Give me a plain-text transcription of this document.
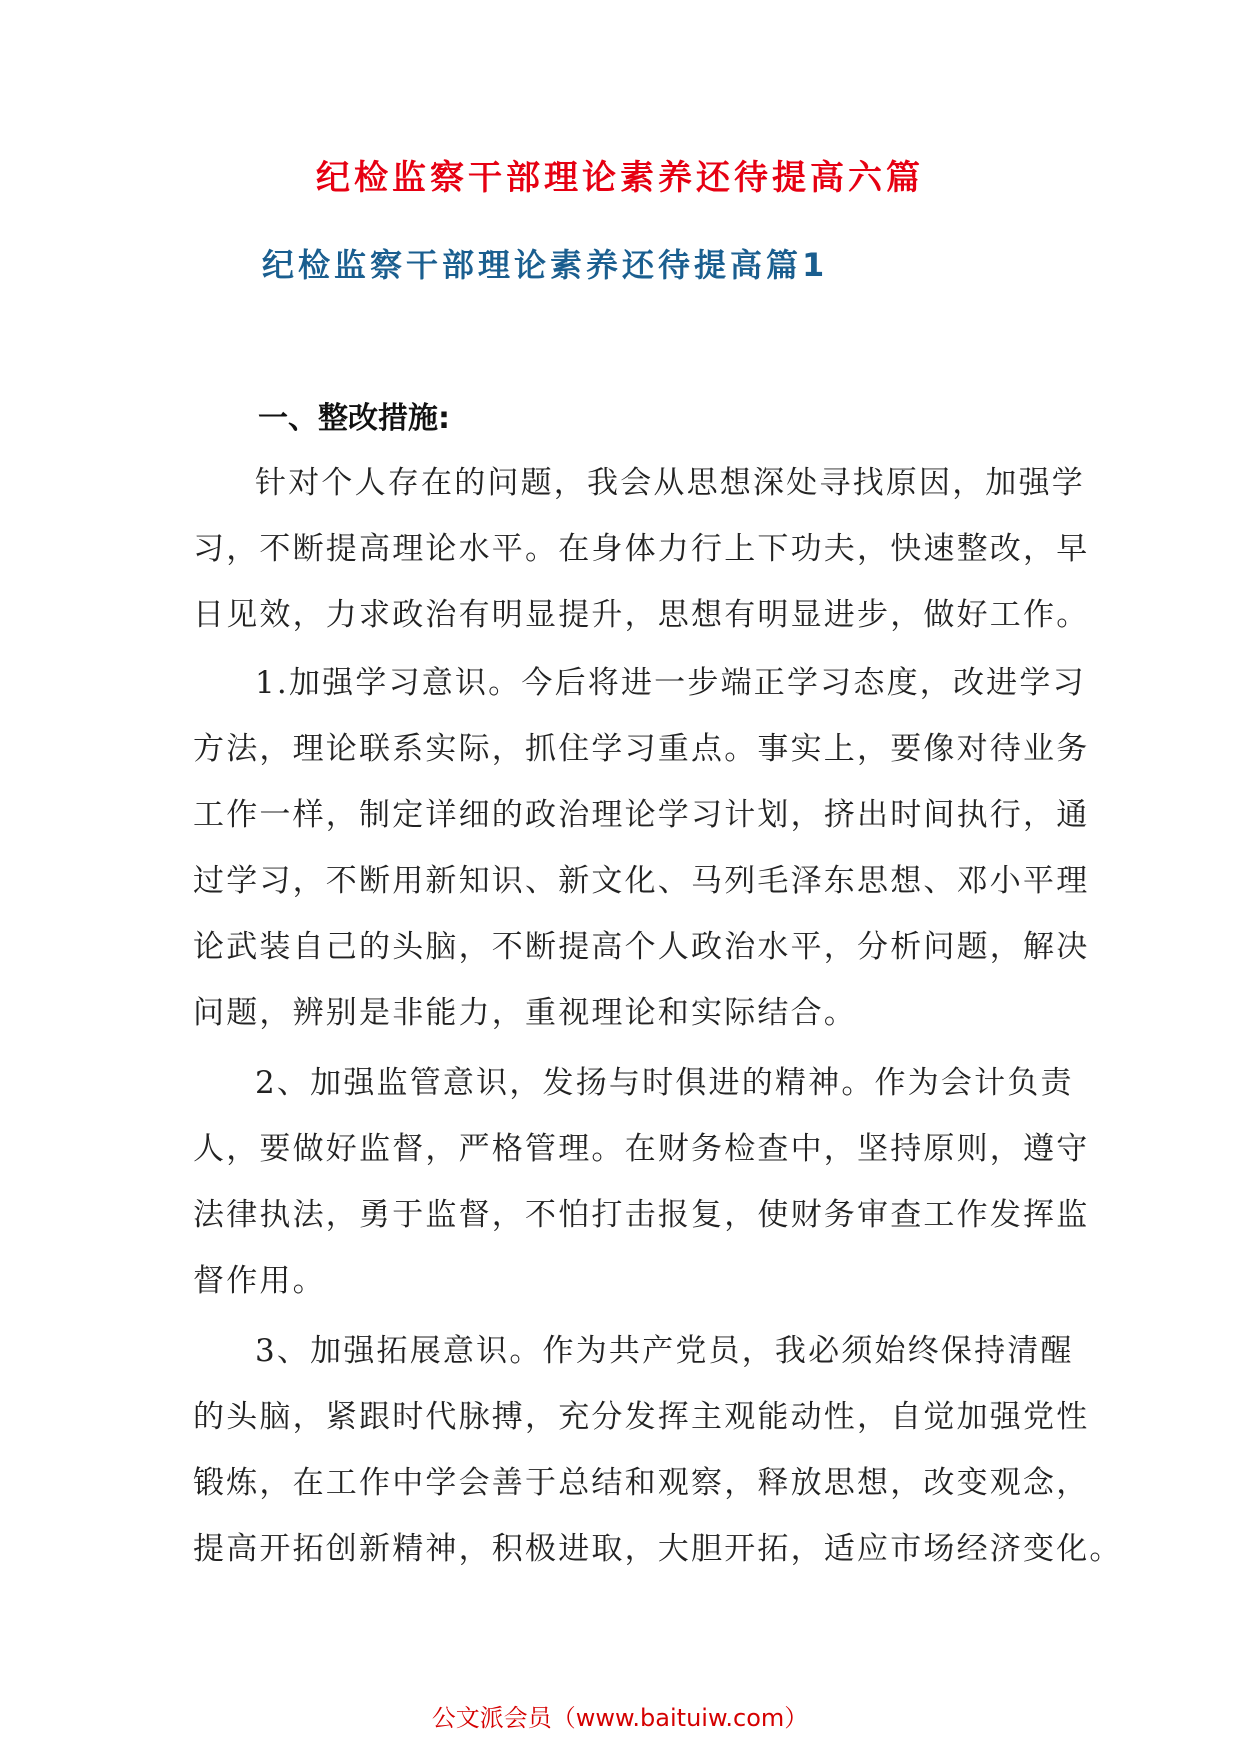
纪检监察干部理论素养还待提高六篇
纪检监察干部理论素养还待提高篇1
一、整改措施:
针对个人存在的问题，我会从思想深处寻找原因，加强学
习，不断提高理论水平。在身体力行上下功夫，快速整改，早
日见效，力求政治有明显提升，思想有明显进步，做好工作。
1.加强学习意识。今后将进一步端正学习态度，改进学习
方法，理论联系实际，抓住学习重点。事实上，要像对待业务
工作一样，制定详细的政治理论学习计划，挤出时间执行，通
过学习，不断用新知识、新文化、马列毛泽东思想、邓小平理
论武装自己的头脑，不断提高个人政治水平，分析问题，解决
问题，辨别是非能力，重视理论和实际结合。
2、加强监管意识，发扬与时俱进的精神。作为会计负责
人，要做好监督，严格管理。在财务检查中，坚持原则，遵守
法律执法，勇于监督，不怕打击报复，使财务审查工作发挥监
督作用。
3、加强拓展意识。作为共产党员，我必须始终保持清醒
的头脑，紧跟时代脉搏，充分发挥主观能动性，自觉加强党性
锻炼，在工作中学会善于总结和观察，释放思想，改变观念，
提高开拓创新精神，积极进取，大胆开拓，适应市场经济变化。
公文派会员（www.baituiw.com）
